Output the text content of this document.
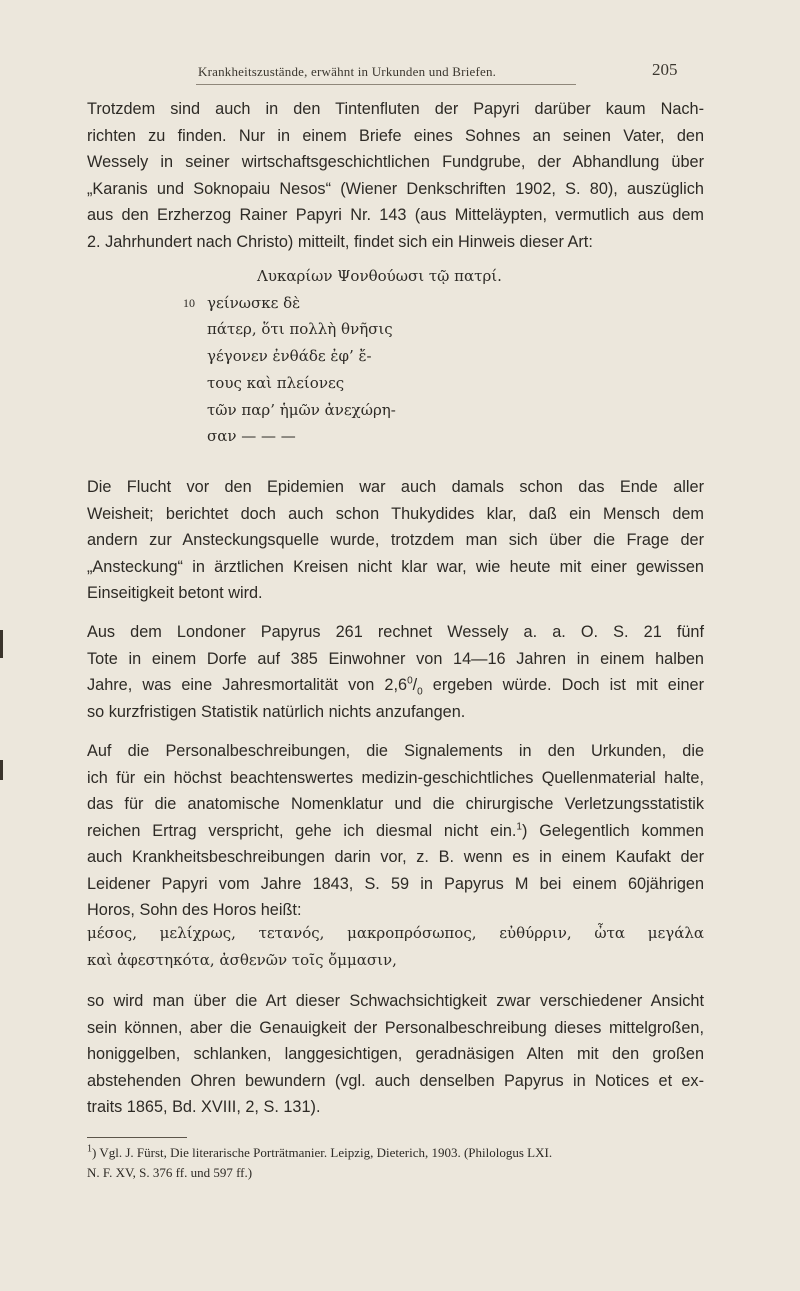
Krankheitszustände, erwähnt in Urkunden und Briefen.	205
Trotzdem sind auch in den Tintenfluten der Papyri darüber kaum Nach-
richten zu finden. Nur in einem Briefe eines Sohnes an seinen Vater, den
Wessely in seiner wirtschaftsgeschichtlichen Fundgrube, der Abhandlung über
„Karanis und Soknopaiu Nesos“ (Wiener Denkschriften 1902, S. 80), auszüglich
aus den Erzherzog Rainer Papyri Nr. 143 (aus Mitteläypten, vermutlich aus dem
2. Jahrhundert nach Christo) mitteilt, findet sich ein Hinweis dieser Art:
Λυκαρίων Ψονθούωσι τῷ πατρί.
10 γείνωσκε δὲ
πάτερ, ὅτι πολλὴ θνῆσις
γέγονεν ἐνθάδε ἐφ’ ἔ-
τους καὶ πλείονες
τῶν παρ’ ἡμῶν ἀνεχώρη-
σαν — — —
Die Flucht vor den Epidemien war auch damals schon das Ende aller
Weisheit; berichtet doch auch schon Thukydides klar, daß ein Mensch dem
andern zur Ansteckungsquelle wurde, trotzdem man sich über die Frage der
„Ansteckung“ in ärztlichen Kreisen nicht klar war, wie heute mit einer gewissen
Einseitigkeit betont wird.
Aus dem Londoner Papyrus 261 rechnet Wessely a. a. O. S. 21 fünf
Tote in einem Dorfe auf 385 Einwohner von 14—16 Jahren in einem halben
Jahre, was eine Jahresmortalität von $2,6^0/_0$ ergeben würde. Doch ist mit einer
so kurzfristigen Statistik natürlich nichts anzufangen.
Auf die Personalbeschreibungen, die Signalements in den Urkunden, die
ich für ein höchst beachtenswertes medizin-geschichtliches Quellenmaterial halte,
das für die anatomische Nomenklatur und die chirurgische Verletzungsstatistik
reichen Ertrag verspricht, gehe ich diesmal nicht ein.$^1$) Gelegentlich kommen
auch Krankheitsbeschreibungen darin vor, z. B. wenn es in einem Kaufakt der
Leidener Papyri vom Jahre 1843, S. 59 in Papyrus M bei einem 60jährigen
Horos, Sohn des Horos heißt:
μέσος, μελίχρως, τετανός, μακροπρόσωπος, εὐθύρριν, ὦτα μεγάλα
καὶ ἀφεστηκότα, ἀσθενῶν τοῖς ὄμμασιν,
so wird man über die Art dieser Schwachsichtigkeit zwar verschiedener Ansicht
sein können, aber die Genauigkeit der Personalbeschreibung dieses mittelgroßen,
honiggelben, schlanken, langgesichtigen, geradnäsigen Alten mit den großen
abstehenden Ohren bewundern (vgl. auch denselben Papyrus in Notices et ex-
traits 1865, Bd. XVIII, 2, S. 131).
$^1$) Vgl. J. Fürst, Die literarische Porträtmanier. Leipzig, Dieterich, 1903. (Philologus LXI.
N. F. XV, S. 376 ff. und 597 ff.)
